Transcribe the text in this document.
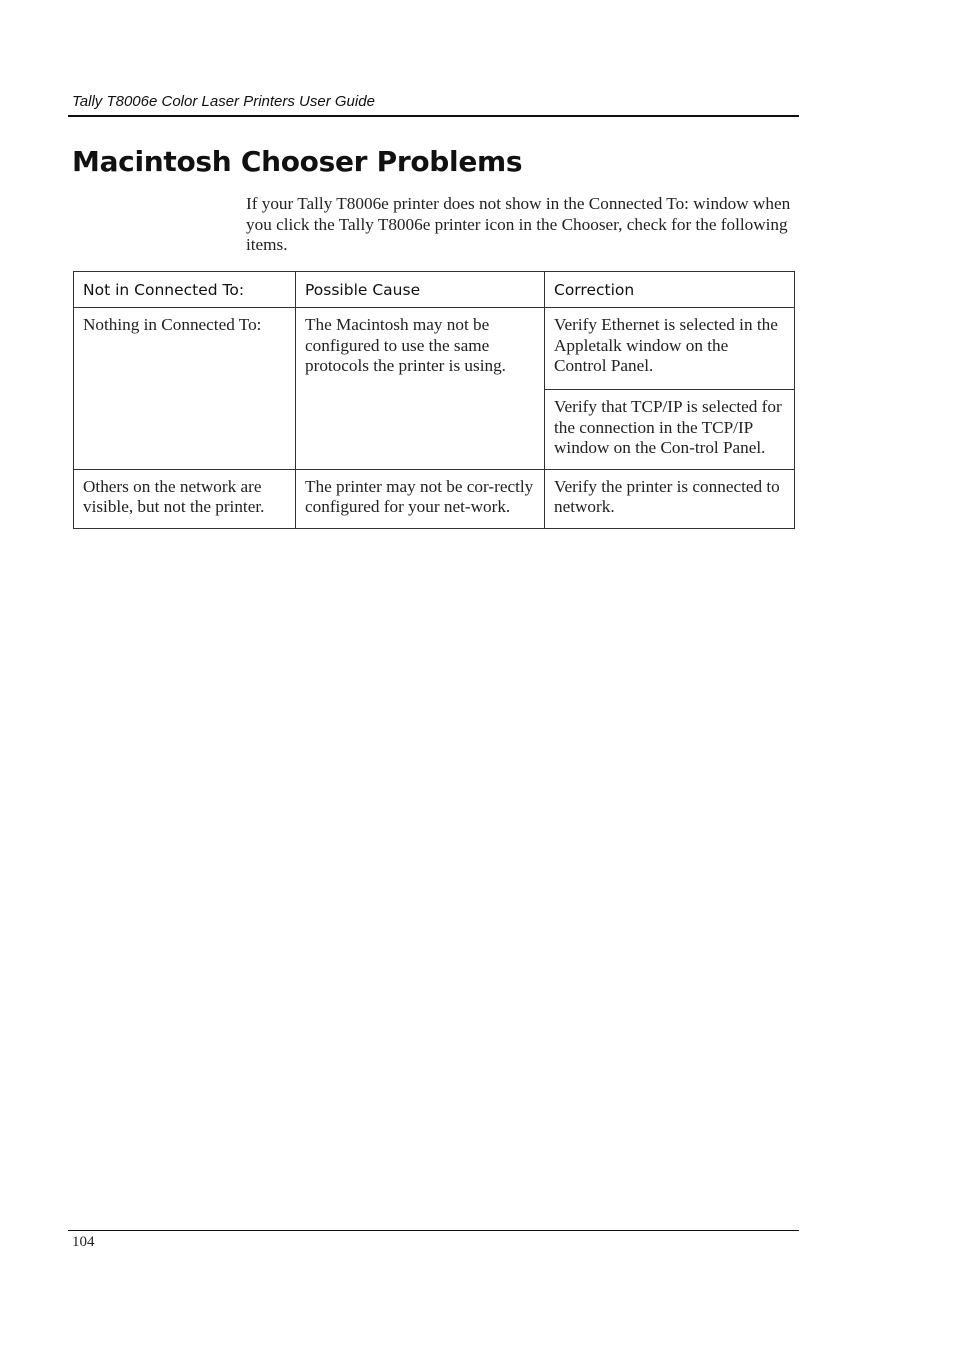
Tally T8006e Color Laser Printers User Guide
Macintosh Chooser Problems

If your Tally T8006e printer does not show in the Connected To: window when you click the Tally T8006e printer icon in the Chooser, check for the following items.

Not in Connected To:	Possible Cause	Correction
Nothing in Connected To:	The Macintosh may not be configured to use the same protocols the printer is using.	Verify Ethernet is selected in the Appletalk window on the Control Panel.
		Verify that TCP/IP is selected for the connection in the TCP/IP window on the Con-trol Panel.
Others on the network are visible, but not the printer.	The printer may not be cor-rectly configured for your net-work.	Verify the printer is connected to network.
104
